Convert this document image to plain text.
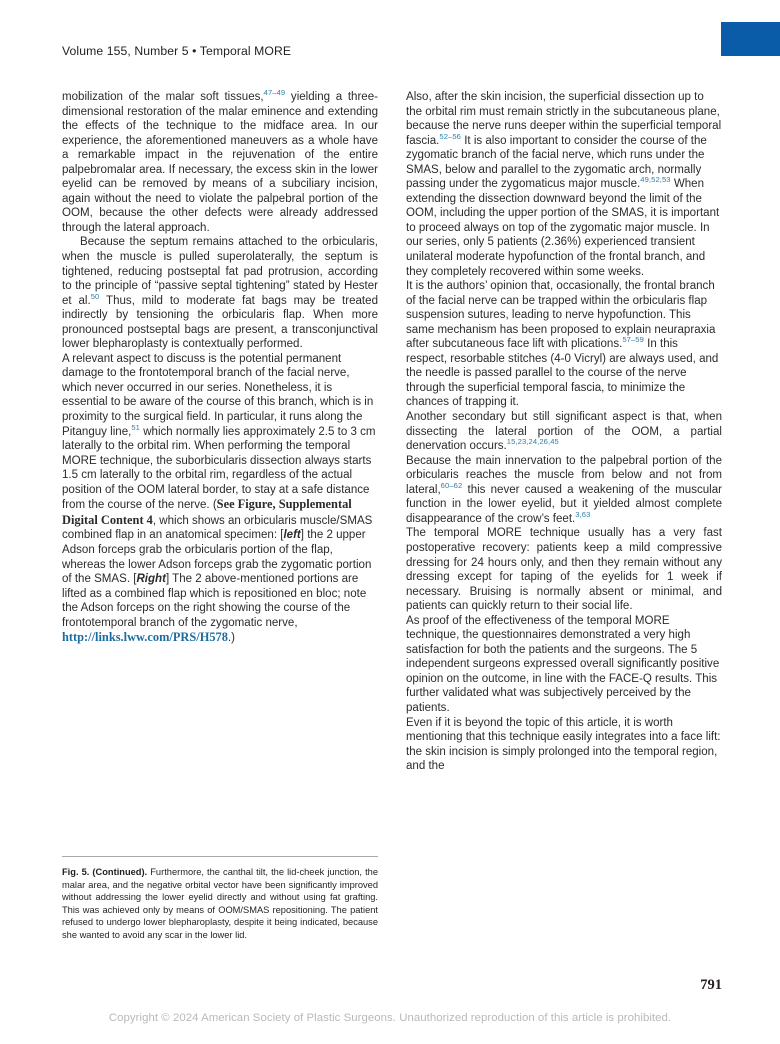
Volume 155, Number 5 • Temporal MORE

mobilization of the malar soft tissues,$^{47-49}$ yielding a three-dimensional restoration of the malar eminence and extending the effects of the technique to the midface area. In our experience, the aforementioned maneuvers as a whole have a remarkable impact in the rejuvenation of the entire palpebromalar area. If necessary, the excess skin in the lower eyelid can be removed by means of a subciliary incision, again without the need to violate the palpebral portion of the OOM, because the other defects were already addressed through the lateral approach.

Because the septum remains attached to the orbicularis, when the muscle is pulled superolaterally, the septum is tightened, reducing postseptal fat pad protrusion, according to the principle of “passive septal tightening” stated by Hester et al.$^{50}$ Thus, mild to moderate fat bags may be treated indirectly by tensioning the orbicularis flap. When more pronounced postseptal bags are present, a transconjunctival lower blepharoplasty is contextually performed.

A relevant aspect to discuss is the potential permanent damage to the frontotemporal branch of the facial nerve, which never occurred in our series. Nonetheless, it is essential to be aware of the course of this branch, which is in proximity to the surgical field. In particular, it runs along the Pitanguy line,$^{51}$ which normally lies approximately 2.5 to 3 cm laterally to the orbital rim. When performing the temporal MORE technique, the suborbicularis dissection always starts 1.5 cm laterally to the orbital rim, regardless of the actual position of the OOM lateral border, to stay at a safe distance from the course of the nerve. (See Figure, Supplemental Digital Content 4, which shows an orbicularis muscle/SMAS combined flap in an anatomical specimen: [left] the 2 upper Adson forceps grab the orbicularis portion of the flap, whereas the lower Adson forceps grab the zygomatic portion of the SMAS. [Right] The 2 above-mentioned portions are lifted as a combined flap which is repositioned en bloc; note the Adson forceps on the right showing the course of the frontotemporal branch of the zygomatic nerve, http://links.lww.com/PRS/H578.)

Fig. 5. (Continued). Furthermore, the canthal tilt, the lid-cheek junction, the malar area, and the negative orbital vector have been significantly improved without addressing the lower eyelid directly and without using fat grafting. This was achieved only by means of OOM/SMAS repositioning. The patient refused to undergo lower blepharoplasty, despite it being indicated, because she wanted to avoid any scar in the lower lid.

Also, after the skin incision, the superficial dissection up to the orbital rim must remain strictly in the subcutaneous plane, because the nerve runs deeper within the superficial temporal fascia.$^{52-56}$ It is also important to consider the course of the zygomatic branch of the facial nerve, which runs under the SMAS, below and parallel to the zygomatic arch, normally passing under the zygomaticus major muscle.$^{49,52,53}$ When extending the dissection downward beyond the limit of the OOM, including the upper portion of the SMAS, it is important to proceed always on top of the zygomatic major muscle. In our series, only 5 patients (2.36%) experienced transient unilateral moderate hypofunction of the frontal branch, and they completely recovered within some weeks.

It is the authors’ opinion that, occasionally, the frontal branch of the facial nerve can be trapped within the orbicularis flap suspension sutures, leading to nerve hypofunction. This same mechanism has been proposed to explain neurapraxia after subcutaneous face lift with plications.$^{57-59}$ In this respect, resorbable stitches (4-0 Vicryl) are always used, and the needle is passed parallel to the course of the nerve through the superficial temporal fascia, to minimize the chances of trapping it.

Another secondary but still significant aspect is that, when dissecting the lateral portion of the OOM, a partial denervation occurs.$^{15,23,24,26,45}$

Because the main innervation to the palpebral portion of the orbicularis reaches the muscle from below and not from lateral,$^{60-62}$ this never caused a weakening of the muscular function in the lower eyelid, but it yielded almost complete disappearance of the crow’s feet.$^{3,63}$

The temporal MORE technique usually has a very fast postoperative recovery: patients keep a mild compressive dressing for 24 hours only, and then they remain without any dressing except for taping of the eyelids for 1 week if necessary. Bruising is normally absent or minimal, and patients can quickly return to their social life.

As proof of the effectiveness of the temporal MORE technique, the questionnaires demonstrated a very high satisfaction for both the patients and the surgeons. The 5 independent surgeons expressed overall significantly positive opinion on the outcome, in line with the FACE-Q results. This further validated what was subjectively perceived by the patients.

Even if it is beyond the topic of this article, it is worth mentioning that this technique easily integrates into a face lift: the skin incision is simply prolonged into the temporal region, and the

791
Copyright © 2024 American Society of Plastic Surgeons. Unauthorized reproduction of this article is prohibited.
